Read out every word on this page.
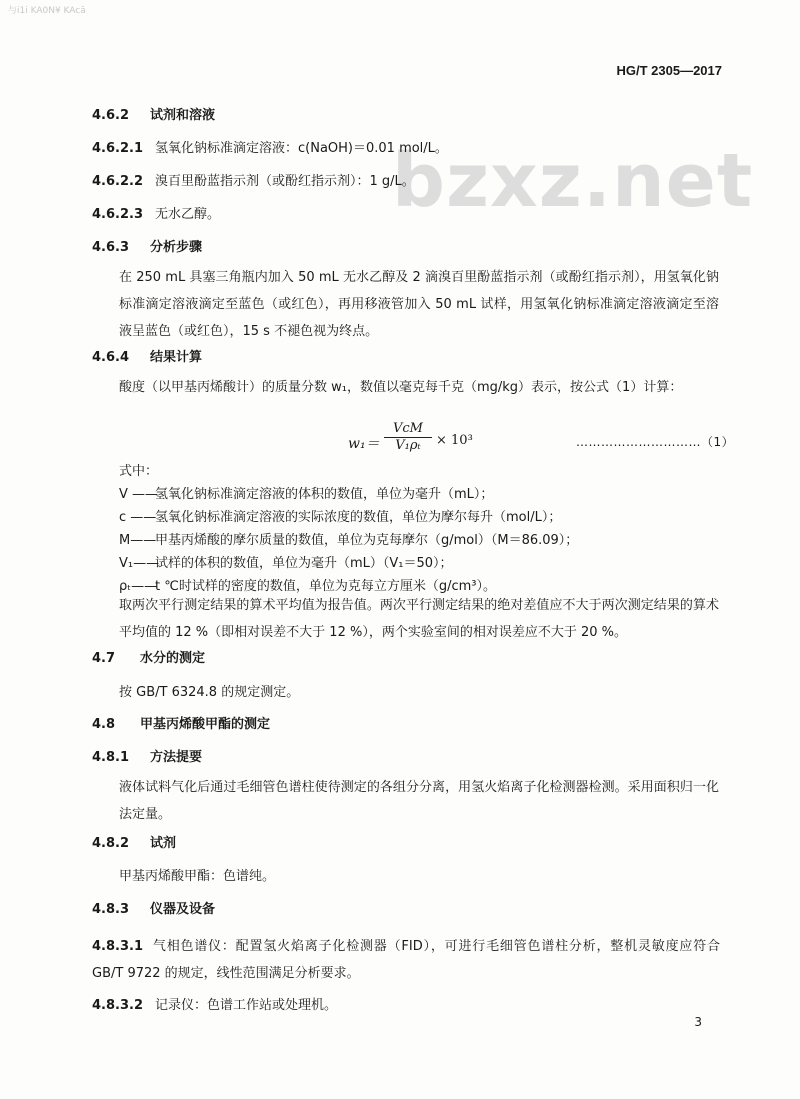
与i1i KA0N¥ KAcā
HG/T 2305—2017
bzxz.net
4.6.2 试剂和溶液
4.6.2.1 氢氧化钠标准滴定溶液：c(NaOH)＝0.01 mol/L。
4.6.2.2 溴百里酚蓝指示剂（或酚红指示剂）：1 g/L。
4.6.2.3 无水乙醇。
4.6.3 分析步骤
在 250 mL 具塞三角瓶内加入 50 mL 无水乙醇及 2 滴溴百里酚蓝指示剂（或酚红指示剂），用氢氧化钠标准滴定溶液滴定至蓝色（或红色），再用移液管加入 50 mL 试样，用氢氧化钠标准滴定溶液滴定至溶液呈蓝色（或红色），15 s 不褪色视为终点。
4.6.4 结果计算
酸度（以甲基丙烯酸计）的质量分数 w₁，数值以毫克每千克（mg/kg）表示，按公式（1）计算：
w₁＝
VcM
V₁ρₜ	× 10³	…………………………（1）
式中：
V ——氢氧化钠标准滴定溶液的体积的数值，单位为毫升（mL）；
c ——氢氧化钠标准滴定溶液的实际浓度的数值，单位为摩尔每升（mol/L）；
M——甲基丙烯酸的摩尔质量的数值，单位为克每摩尔（g/mol）（M＝86.09）；
V₁——试样的体积的数值，单位为毫升（mL）（V₁＝50）；
ρₜ——t ℃时试样的密度的数值，单位为克每立方厘米（g/cm³）。
取两次平行测定结果的算术平均值为报告值。两次平行测定结果的绝对差值应不大于两次测定结果的算术平均值的 12 %（即相对误差不大于 12 %），两个实验室间的相对误差应不大于 20 %。
4.7 水分的测定
按 GB/T 6324.8 的规定测定。
4.8 甲基丙烯酸甲酯的测定
4.8.1 方法提要
液体试料气化后通过毛细管色谱柱使待测定的各组分分离，用氢火焰离子化检测器检测。采用面积归一化法定量。
4.8.2 试剂
甲基丙烯酸甲酯：色谱纯。
4.8.3 仪器及设备
4.8.3.1 气相色谱仪：配置氢火焰离子化检测器（FID），可进行毛细管色谱柱分析，整机灵敏度应符合 GB/T 9722 的规定，线性范围满足分析要求。
4.8.3.2 记录仪：色谱工作站或处理机。
3
